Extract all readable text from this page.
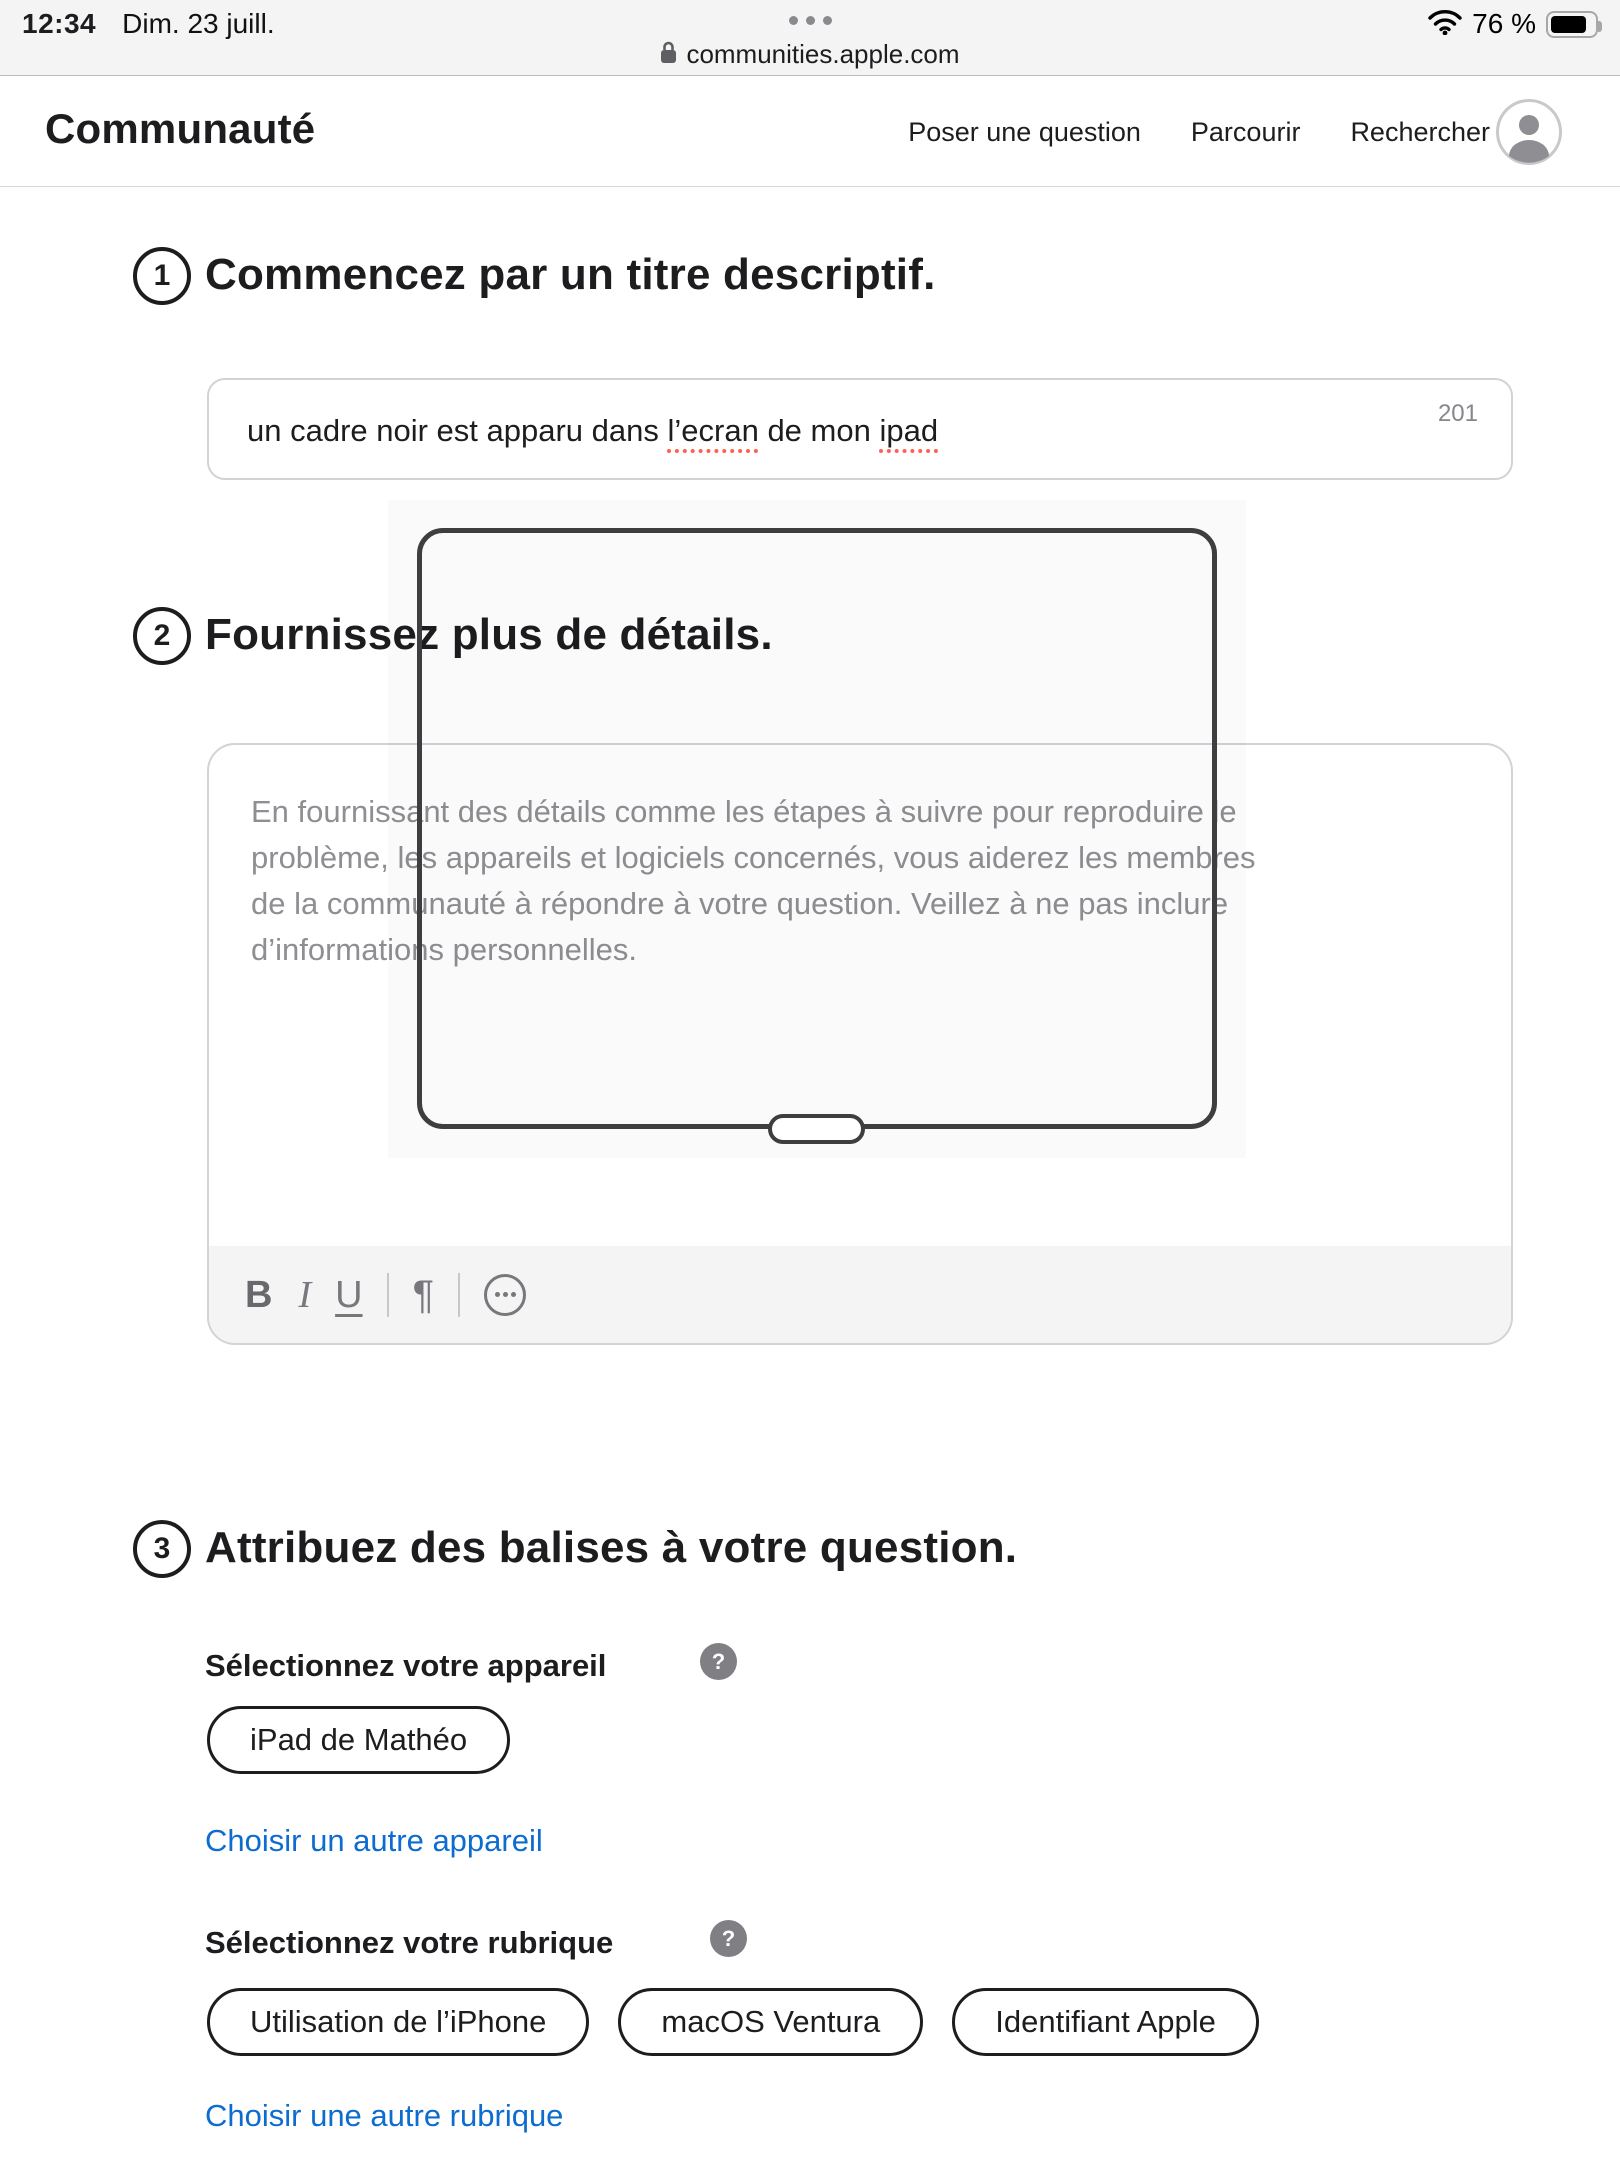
12:34 Dim. 23 juill.	76 %
communities.apple.com
Communauté	Poser une question Parcourir Rechercher
1 Commencez par un titre descriptif.
un cadre noir est apparu dans l’ecran de mon ipad	201
2 Fournissez plus de détails.
En fournissant des détails comme les étapes à suivre pour reproduire le
problème, les appareils et logiciels concernés, vous aiderez les membres
de la communauté à répondre à votre question. Veillez à ne pas inclure
d’informations personnelles.
B I U ¶
3 Attribuez des balises à votre question.
Sélectionnez votre appareil	?
iPad de Mathéo
Choisir un autre appareil
Sélectionnez votre rubrique	?
Utilisation de l’iPhone	macOS Ventura	Identifiant Apple
Choisir une autre rubrique
